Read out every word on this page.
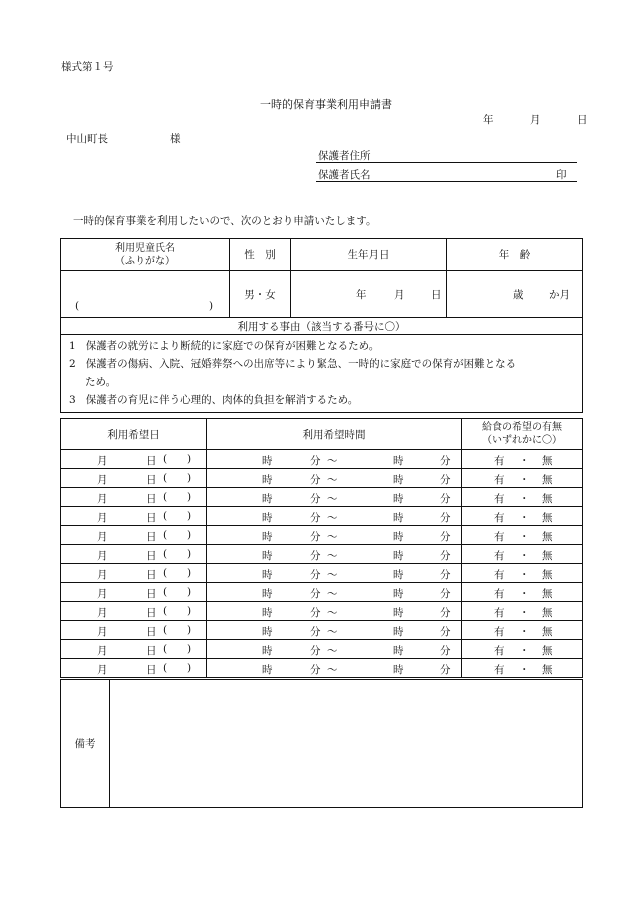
様式第１号
一時的保育事業利用申請書
年	月	日
中山町長	様
保護者住所
保護者氏名	印
一時的保育事業を利用したいので、次のとおり申請いたします。
利用児童氏名
（ふりがな）	性　別	生年月日	年　齢

( )	男・女	年 月 日	歳 か月

利用する事由（該当する番号に〇）			

1 保護者の就労により断続的に家庭での保育が困難となるため。
2 保護者の傷病、入院、冠婚葬祭への出席等により緊急、一時的に家庭での保育が困難となる
ため。
3 保護者の育児に伴う心理的、肉体的負担を解消するため。			
利用希望日	利用希望時間	給食の希望の有無
（いずれかに〇）

月 日 ( )	時 分 ～ 時 分	有 ・ 無

月 日 ( )	時 分 ～ 時 分	有 ・ 無

月 日 ( )	時 分 ～ 時 分	有 ・ 無

月 日 ( )	時 分 ～ 時 分	有 ・ 無

月 日 ( )	時 分 ～ 時 分	有 ・ 無

月 日 ( )	時 分 ～ 時 分	有 ・ 無

月 日 ( )	時 分 ～ 時 分	有 ・ 無

月 日 ( )	時 分 ～ 時 分	有 ・ 無

月 日 ( )	時 分 ～ 時 分	有 ・ 無

月 日 ( )	時 分 ～ 時 分	有 ・ 無

月 日 ( )	時 分 ～ 時 分	有 ・ 無

月 日 ( )	時 分 ～ 時 分	有 ・ 無
備考	
